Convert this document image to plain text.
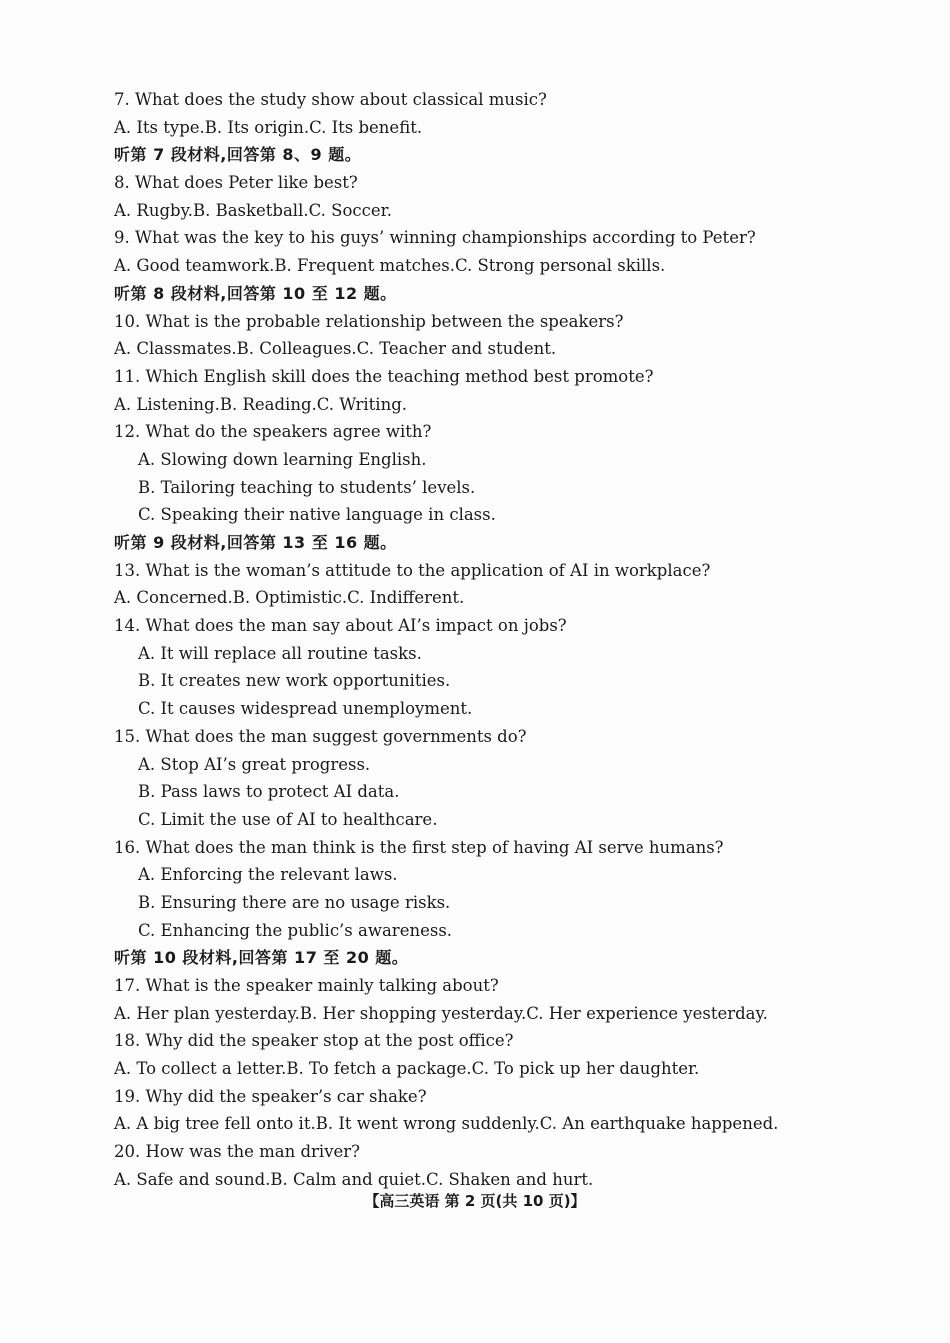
7. What does the study show about classical music?
A. Its type.B. Its origin.C. Its benefit.
听第 7 段材料,回答第 8、9 题。
8. What does Peter like best?
A. Rugby.B. Basketball.C. Soccer.
9. What was the key to his guys’ winning championships according to Peter?
A. Good teamwork.B. Frequent matches.C. Strong personal skills.
听第 8 段材料,回答第 10 至 12 题。
10. What is the probable relationship between the speakers?
A. Classmates.B. Colleagues.C. Teacher and student.
11. Which English skill does the teaching method best promote?
A. Listening.B. Reading.C. Writing.
12. What do the speakers agree with?
A. Slowing down learning English.
B. Tailoring teaching to students’ levels.
C. Speaking their native language in class.
听第 9 段材料,回答第 13 至 16 题。
13. What is the woman’s attitude to the application of AI in workplace?
A. Concerned.B. Optimistic.C. Indifferent.
14. What does the man say about AI’s impact on jobs?
A. It will replace all routine tasks.
B. It creates new work opportunities.
C. It causes widespread unemployment.
15. What does the man suggest governments do?
A. Stop AI’s great progress.
B. Pass laws to protect AI data.
C. Limit the use of AI to healthcare.
16. What does the man think is the first step of having AI serve humans?
A. Enforcing the relevant laws.
B. Ensuring there are no usage risks.
C. Enhancing the public’s awareness.
听第 10 段材料,回答第 17 至 20 题。
17. What is the speaker mainly talking about?
A. Her plan yesterday.B. Her shopping yesterday.C. Her experience yesterday.
18. Why did the speaker stop at the post office?
A. To collect a letter.B. To fetch a package.C. To pick up her daughter.
19. Why did the speaker’s car shake?
A. A big tree fell onto it.B. It went wrong suddenly.C. An earthquake happened.
20. How was the man driver?
A. Safe and sound.B. Calm and quiet.C. Shaken and hurt.
【高三英语 第 2 页(共 10 页)】
